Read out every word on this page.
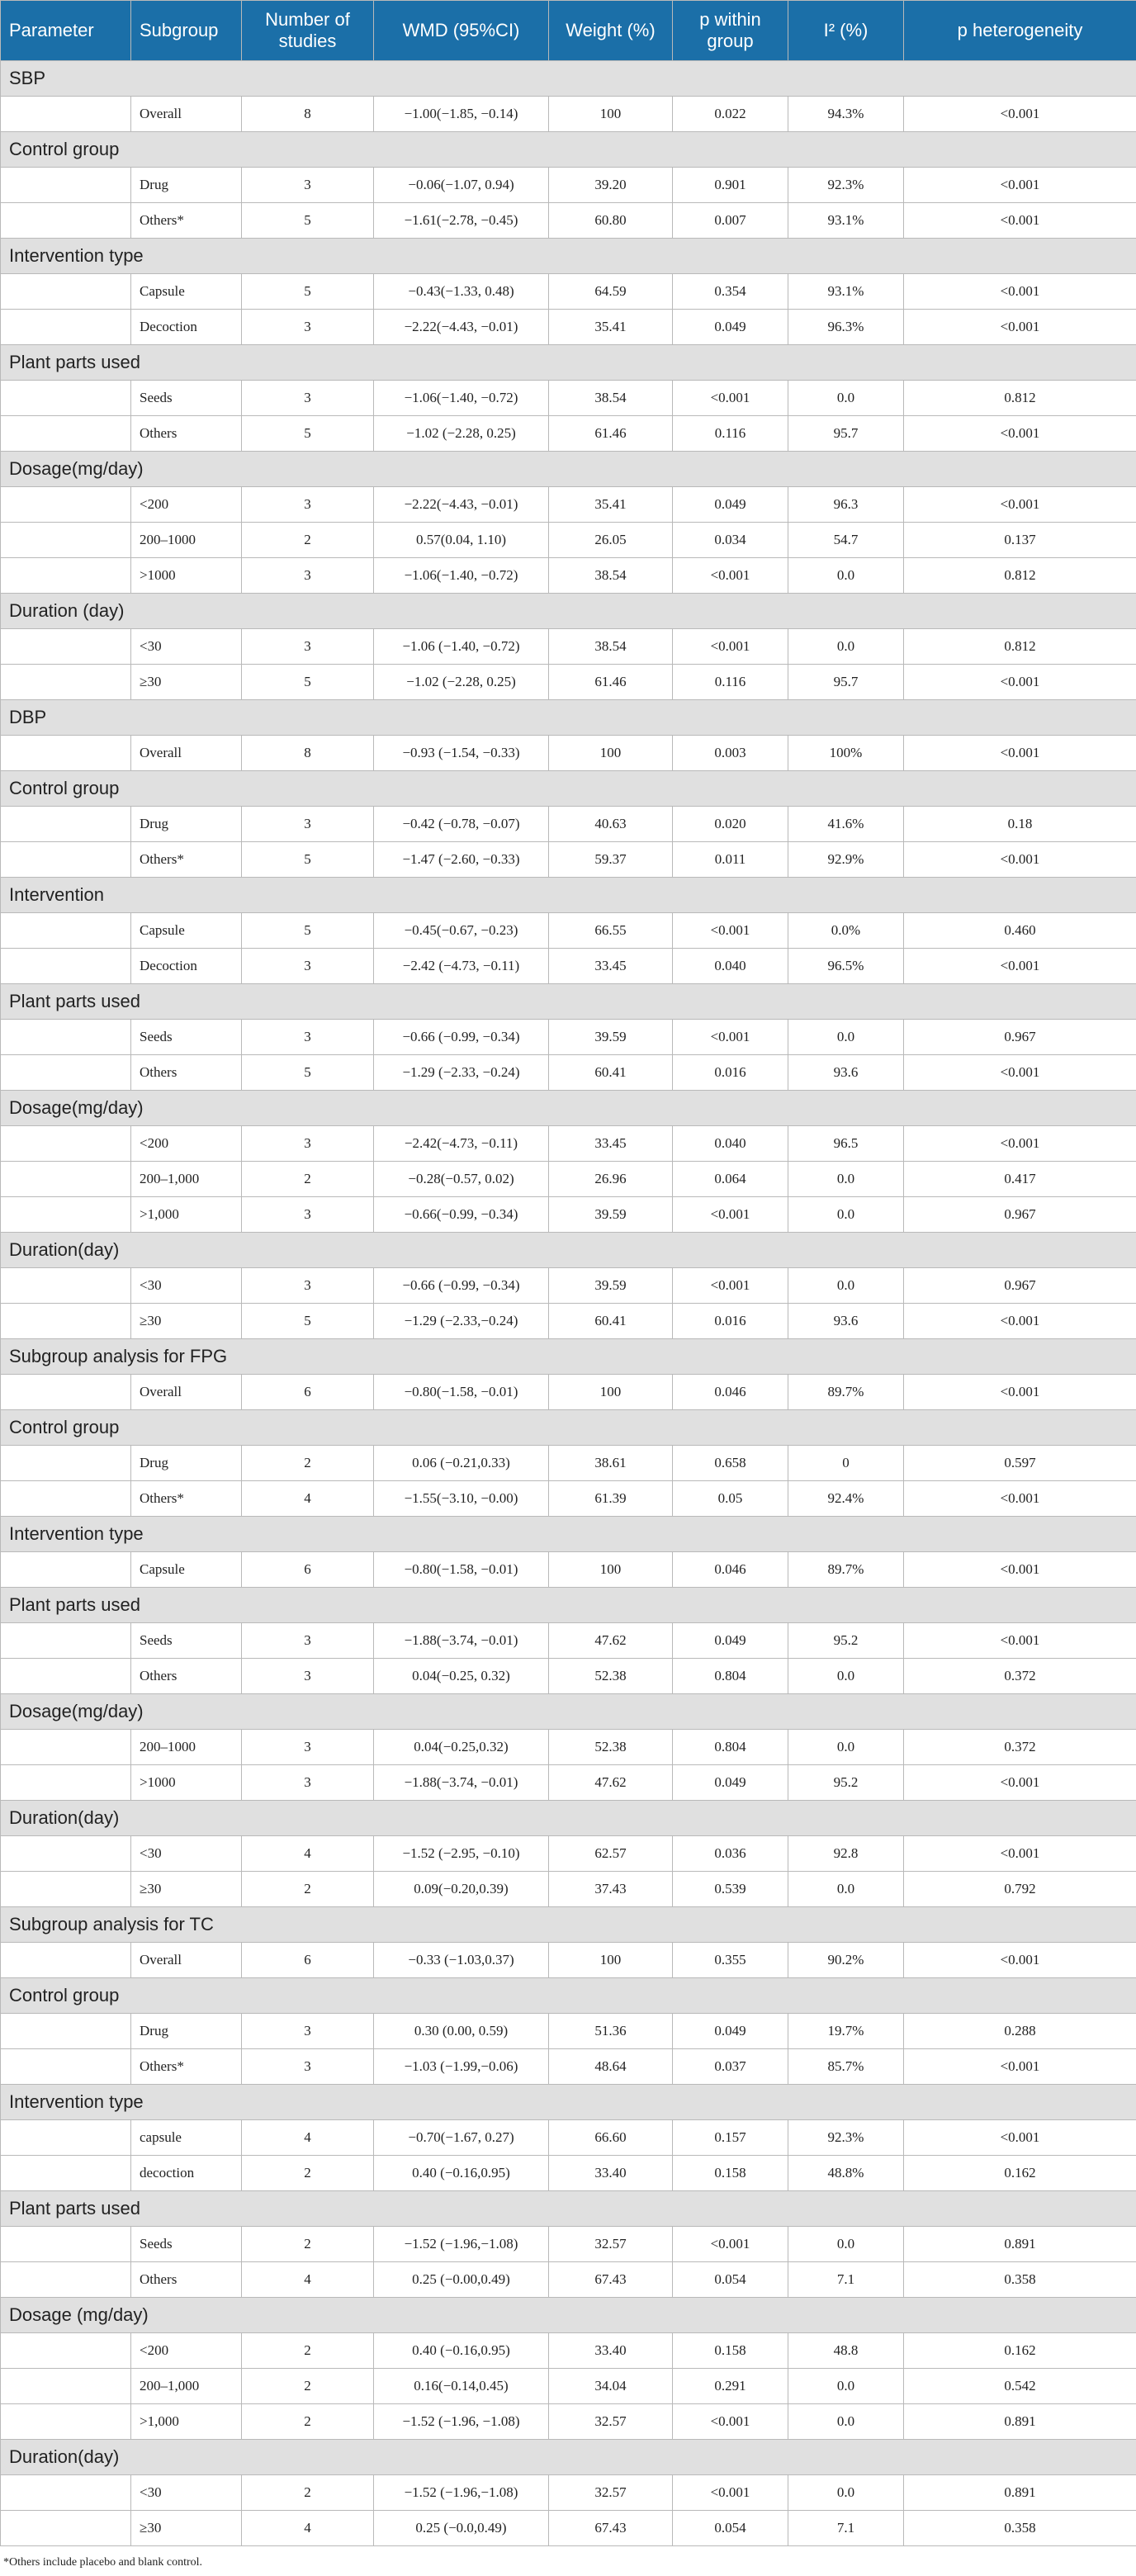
Parameter	Subgroup	Number of studies	WMD (95%CI)	Weight (%)	p within group	I² (%)	p heterogeneity
SBP							
	Overall	8	−1.00(−1.85, −0.14)	100	0.022	94.3%	<0.001
Control group							
	Drug	3	−0.06(−1.07, 0.94)	39.20	0.901	92.3%	<0.001
	Others*	5	−1.61(−2.78, −0.45)	60.80	0.007	93.1%	<0.001
Intervention type							
	Capsule	5	−0.43(−1.33, 0.48)	64.59	0.354	93.1%	<0.001
	Decoction	3	−2.22(−4.43, −0.01)	35.41	0.049	96.3%	<0.001
Plant parts used							
	Seeds	3	−1.06(−1.40, −0.72)	38.54	<0.001	0.0	0.812
	Others	5	−1.02 (−2.28, 0.25)	61.46	0.116	95.7	<0.001
Dosage(mg/day)							
	<200	3	−2.22(−4.43, −0.01)	35.41	0.049	96.3	<0.001
	200–1000	2	0.57(0.04, 1.10)	26.05	0.034	54.7	0.137
	>1000	3	−1.06(−1.40, −0.72)	38.54	<0.001	0.0	0.812
Duration (day)							
	<30	3	−1.06 (−1.40, −0.72)	38.54	<0.001	0.0	0.812
	≥30	5	−1.02 (−2.28, 0.25)	61.46	0.116	95.7	<0.001
DBP							
	Overall	8	−0.93 (−1.54, −0.33)	100	0.003	100%	<0.001
Control group							
	Drug	3	−0.42 (−0.78, −0.07)	40.63	0.020	41.6%	0.18
	Others*	5	−1.47 (−2.60, −0.33)	59.37	0.011	92.9%	<0.001
Intervention							
	Capsule	5	−0.45(−0.67, −0.23)	66.55	<0.001	0.0%	0.460
	Decoction	3	−2.42 (−4.73, −0.11)	33.45	0.040	96.5%	<0.001
Plant parts used							
	Seeds	3	−0.66 (−0.99, −0.34)	39.59	<0.001	0.0	0.967
	Others	5	−1.29 (−2.33, −0.24)	60.41	0.016	93.6	<0.001
Dosage(mg/day)							
	<200	3	−2.42(−4.73, −0.11)	33.45	0.040	96.5	<0.001
	200–1,000	2	−0.28(−0.57, 0.02)	26.96	0.064	0.0	0.417
	>1,000	3	−0.66(−0.99, −0.34)	39.59	<0.001	0.0	0.967
Duration(day)							
	<30	3	−0.66 (−0.99, −0.34)	39.59	<0.001	0.0	0.967
	≥30	5	−1.29 (−2.33,−0.24)	60.41	0.016	93.6	<0.001
Subgroup analysis for FPG							
	Overall	6	−0.80(−1.58, −0.01)	100	0.046	89.7%	<0.001
Control group							
	Drug	2	0.06 (−0.21,0.33)	38.61	0.658	0	0.597
	Others*	4	−1.55(−3.10, −0.00)	61.39	0.05	92.4%	<0.001
Intervention type							
	Capsule	6	−0.80(−1.58, −0.01)	100	0.046	89.7%	<0.001
Plant parts used							
	Seeds	3	−1.88(−3.74, −0.01)	47.62	0.049	95.2	<0.001
	Others	3	0.04(−0.25, 0.32)	52.38	0.804	0.0	0.372
Dosage(mg/day)							
	200–1000	3	0.04(−0.25,0.32)	52.38	0.804	0.0	0.372
	>1000	3	−1.88(−3.74, −0.01)	47.62	0.049	95.2	<0.001
Duration(day)							
	<30	4	−1.52 (−2.95, −0.10)	62.57	0.036	92.8	<0.001
	≥30	2	0.09(−0.20,0.39)	37.43	0.539	0.0	0.792
Subgroup analysis for TC							
	Overall	6	−0.33 (−1.03,0.37)	100	0.355	90.2%	<0.001
Control group							
	Drug	3	0.30 (0.00, 0.59)	51.36	0.049	19.7%	0.288
	Others*	3	−1.03 (−1.99,−0.06)	48.64	0.037	85.7%	<0.001
Intervention type							
	capsule	4	−0.70(−1.67, 0.27)	66.60	0.157	92.3%	<0.001
	decoction	2	0.40 (−0.16,0.95)	33.40	0.158	48.8%	0.162
Plant parts used							
	Seeds	2	−1.52 (−1.96,−1.08)	32.57	<0.001	0.0	0.891
	Others	4	0.25 (−0.00,0.49)	67.43	0.054	7.1	0.358
Dosage (mg/day)							
	<200	2	0.40 (−0.16,0.95)	33.40	0.158	48.8	0.162
	200–1,000	2	0.16(−0.14,0.45)	34.04	0.291	0.0	0.542
	>1,000	2	−1.52 (−1.96, −1.08)	32.57	<0.001	0.0	0.891
Duration(day)							
	<30	2	−1.52 (−1.96,−1.08)	32.57	<0.001	0.0	0.891
	≥30	4	0.25 (−0.0,0.49)	67.43	0.054	7.1	0.358
*Others include placebo and blank control.
